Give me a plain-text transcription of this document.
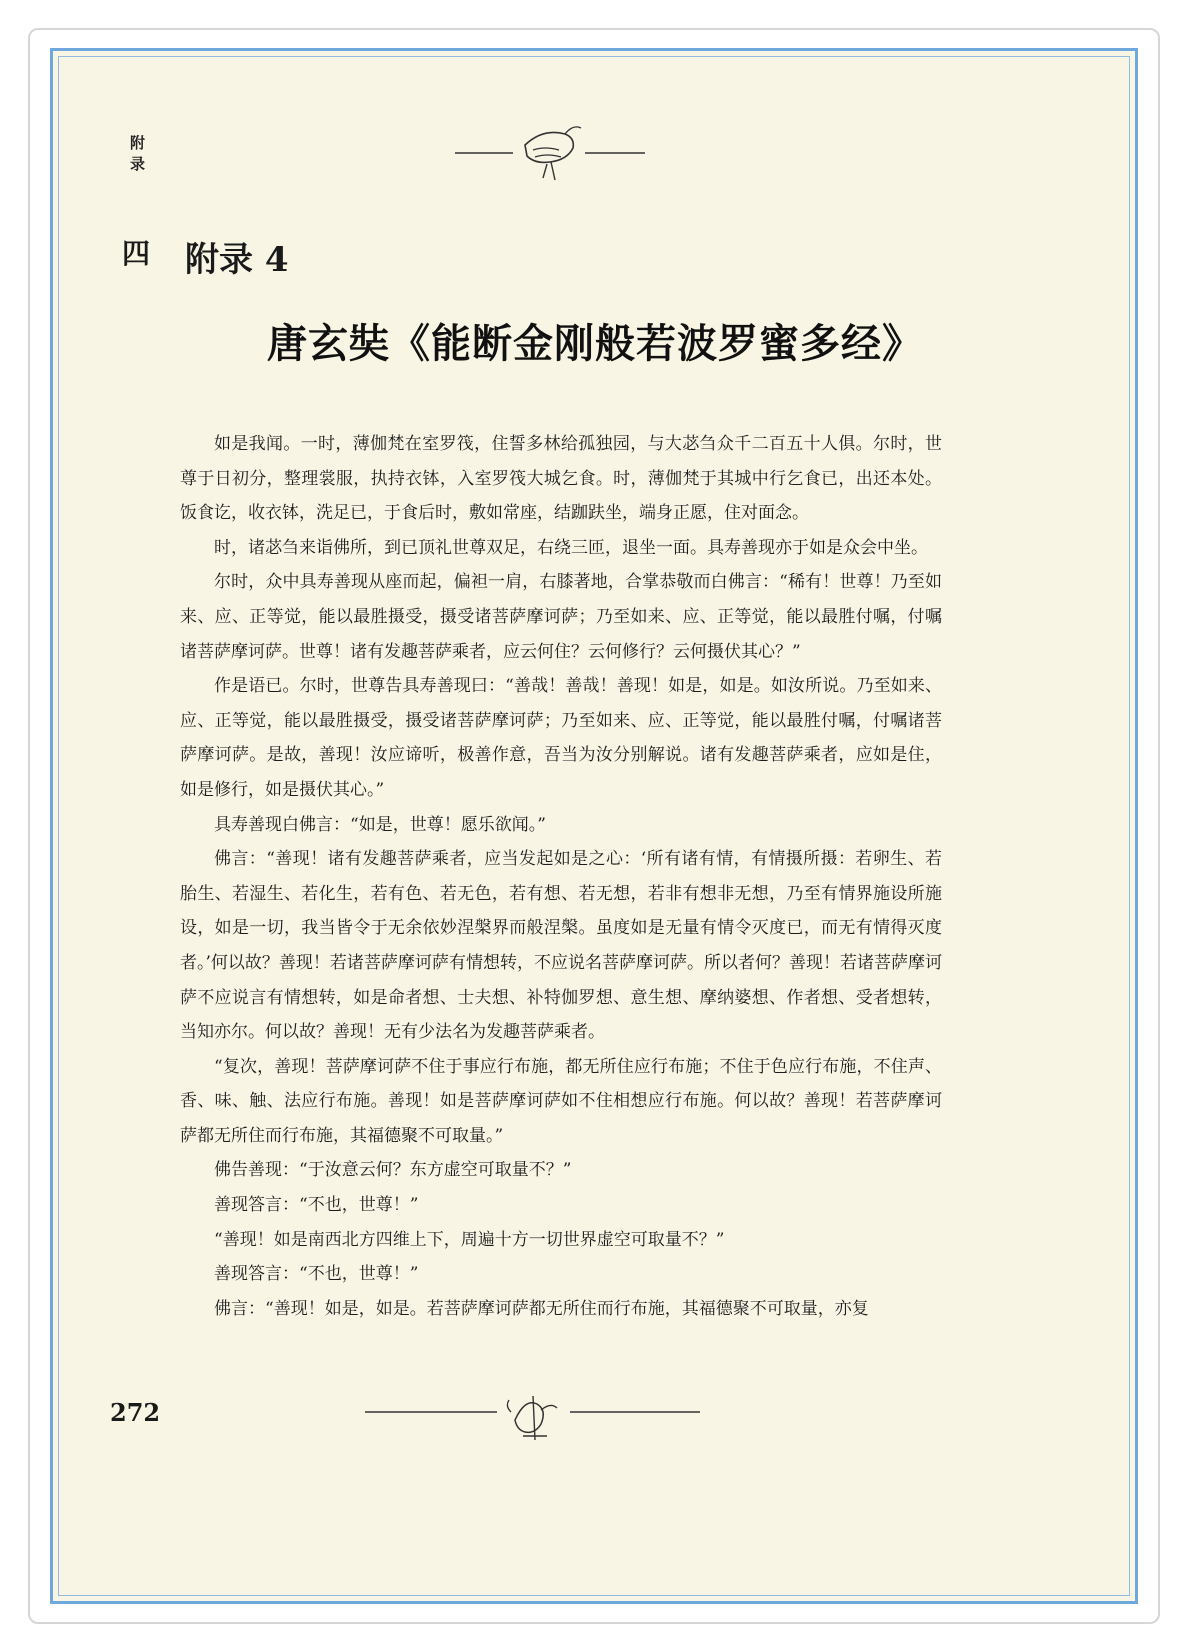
附录
四 附录 4
唐玄奘《能断金刚般若波罗蜜多经》

如是我闻。一时，薄伽梵在室罗筏，住誓多林给孤独园，与大苾刍众千二百五十人俱。尔时，世尊于日初分，整理裳服，执持衣钵，入室罗筏大城乞食。时，薄伽梵于其城中行乞食已，出还本处。饭食讫，收衣钵，洗足已，于食后时，敷如常座，结跏趺坐，端身正愿，住对面念。

时，诸苾刍来诣佛所，到已顶礼世尊双足，右绕三匝，退坐一面。具寿善现亦于如是众会中坐。

尔时，众中具寿善现从座而起，偏袒一肩，右膝著地，合掌恭敬而白佛言：“稀有！世尊！乃至如来、应、正等觉，能以最胜摄受，摄受诸菩萨摩诃萨；乃至如来、应、正等觉，能以最胜付嘱，付嘱诸菩萨摩诃萨。世尊！诸有发趣菩萨乘者，应云何住？云何修行？云何摄伏其心？”

作是语已。尔时，世尊告具寿善现曰：“善哉！善哉！善现！如是，如是。如汝所说。乃至如来、应、正等觉，能以最胜摄受，摄受诸菩萨摩诃萨；乃至如来、应、正等觉，能以最胜付嘱，付嘱诸菩萨摩诃萨。是故，善现！汝应谛听，极善作意，吾当为汝分别解说。诸有发趣菩萨乘者，应如是住，如是修行，如是摄伏其心。”

具寿善现白佛言：“如是，世尊！愿乐欲闻。”

佛言：“善现！诸有发趣菩萨乘者，应当发起如是之心：‘所有诸有情，有情摄所摄：若卵生、若胎生、若湿生、若化生，若有色、若无色，若有想、若无想，若非有想非无想，乃至有情界施设所施设，如是一切，我当皆令于无余依妙涅槃界而般涅槃。虽度如是无量有情令灭度已，而无有情得灭度者。’何以故？善现！若诸菩萨摩诃萨有情想转，不应说名菩萨摩诃萨。所以者何？善现！若诸菩萨摩诃萨不应说言有情想转，如是命者想、士夫想、补特伽罗想、意生想、摩纳婆想、作者想、受者想转，当知亦尔。何以故？善现！无有少法名为发趣菩萨乘者。

“复次，善现！菩萨摩诃萨不住于事应行布施，都无所住应行布施；不住于色应行布施，不住声、香、味、触、法应行布施。善现！如是菩萨摩诃萨如不住相想应行布施。何以故？善现！若菩萨摩诃萨都无所住而行布施，其福德聚不可取量。”

佛告善现：“于汝意云何？东方虚空可取量不？”

善现答言：“不也，世尊！”

“善现！如是南西北方四维上下，周遍十方一切世界虚空可取量不？”

善现答言：“不也，世尊！”

佛言：“善现！如是，如是。若菩萨摩诃萨都无所住而行布施，其福德聚不可取量，亦复

272
